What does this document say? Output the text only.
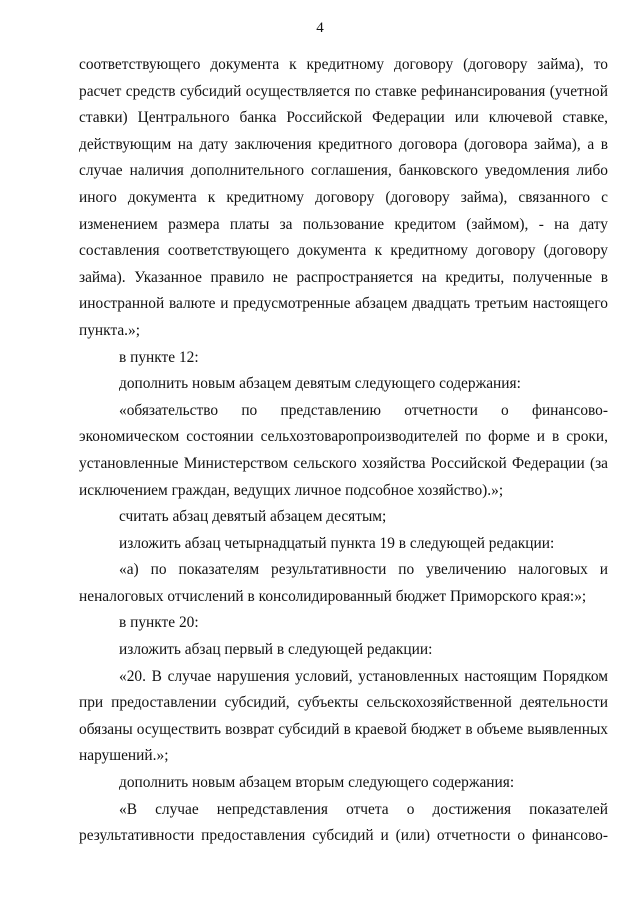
4
соответствующего документа к кредитному договору (договору займа), то
расчет средств субсидий осуществляется по ставке рефинансирования (учетной
ставки) Центрального банка Российской Федерации или ключевой ставке,
действующим на дату заключения кредитного договора (договора займа), а в
случае наличия дополнительного соглашения, банковского уведомления либо
иного документа к кредитному договору (договору займа), связанного с
изменением размера платы за пользование кредитом (займом), - на дату
составления соответствующего документа к кредитному договору (договору
займа). Указанное правило не распространяется на кредиты, полученные в
иностранной валюте и предусмотренные абзацем двадцать третьим настоящего
пункта.»;
в пункте 12:
дополнить новым абзацем девятым следующего содержания:
«обязательство по представлению отчетности о финансово-
экономическом состоянии сельхозтоваропроизводителей по форме и в сроки,
установленные Министерством сельского хозяйства Российской Федерации (за
исключением граждан, ведущих личное подсобное хозяйство).»;
считать абзац девятый абзацем десятым;
изложить абзац четырнадцатый пункта 19 в следующей редакции:
«а) по показателям результативности по увеличению налоговых и
неналоговых отчислений в консолидированный бюджет Приморского края:»;
в пункте 20:
изложить абзац первый в следующей редакции:
«20. В случае нарушения условий, установленных настоящим Порядком
при предоставлении субсидий, субъекты сельскохозяйственной деятельности
обязаны осуществить возврат субсидий в краевой бюджет в объеме выявленных
нарушений.»;
дополнить новым абзацем вторым следующего содержания:
«В случае непредставления отчета о достижения показателей
результативности предоставления субсидий и (или) отчетности о финансово-
